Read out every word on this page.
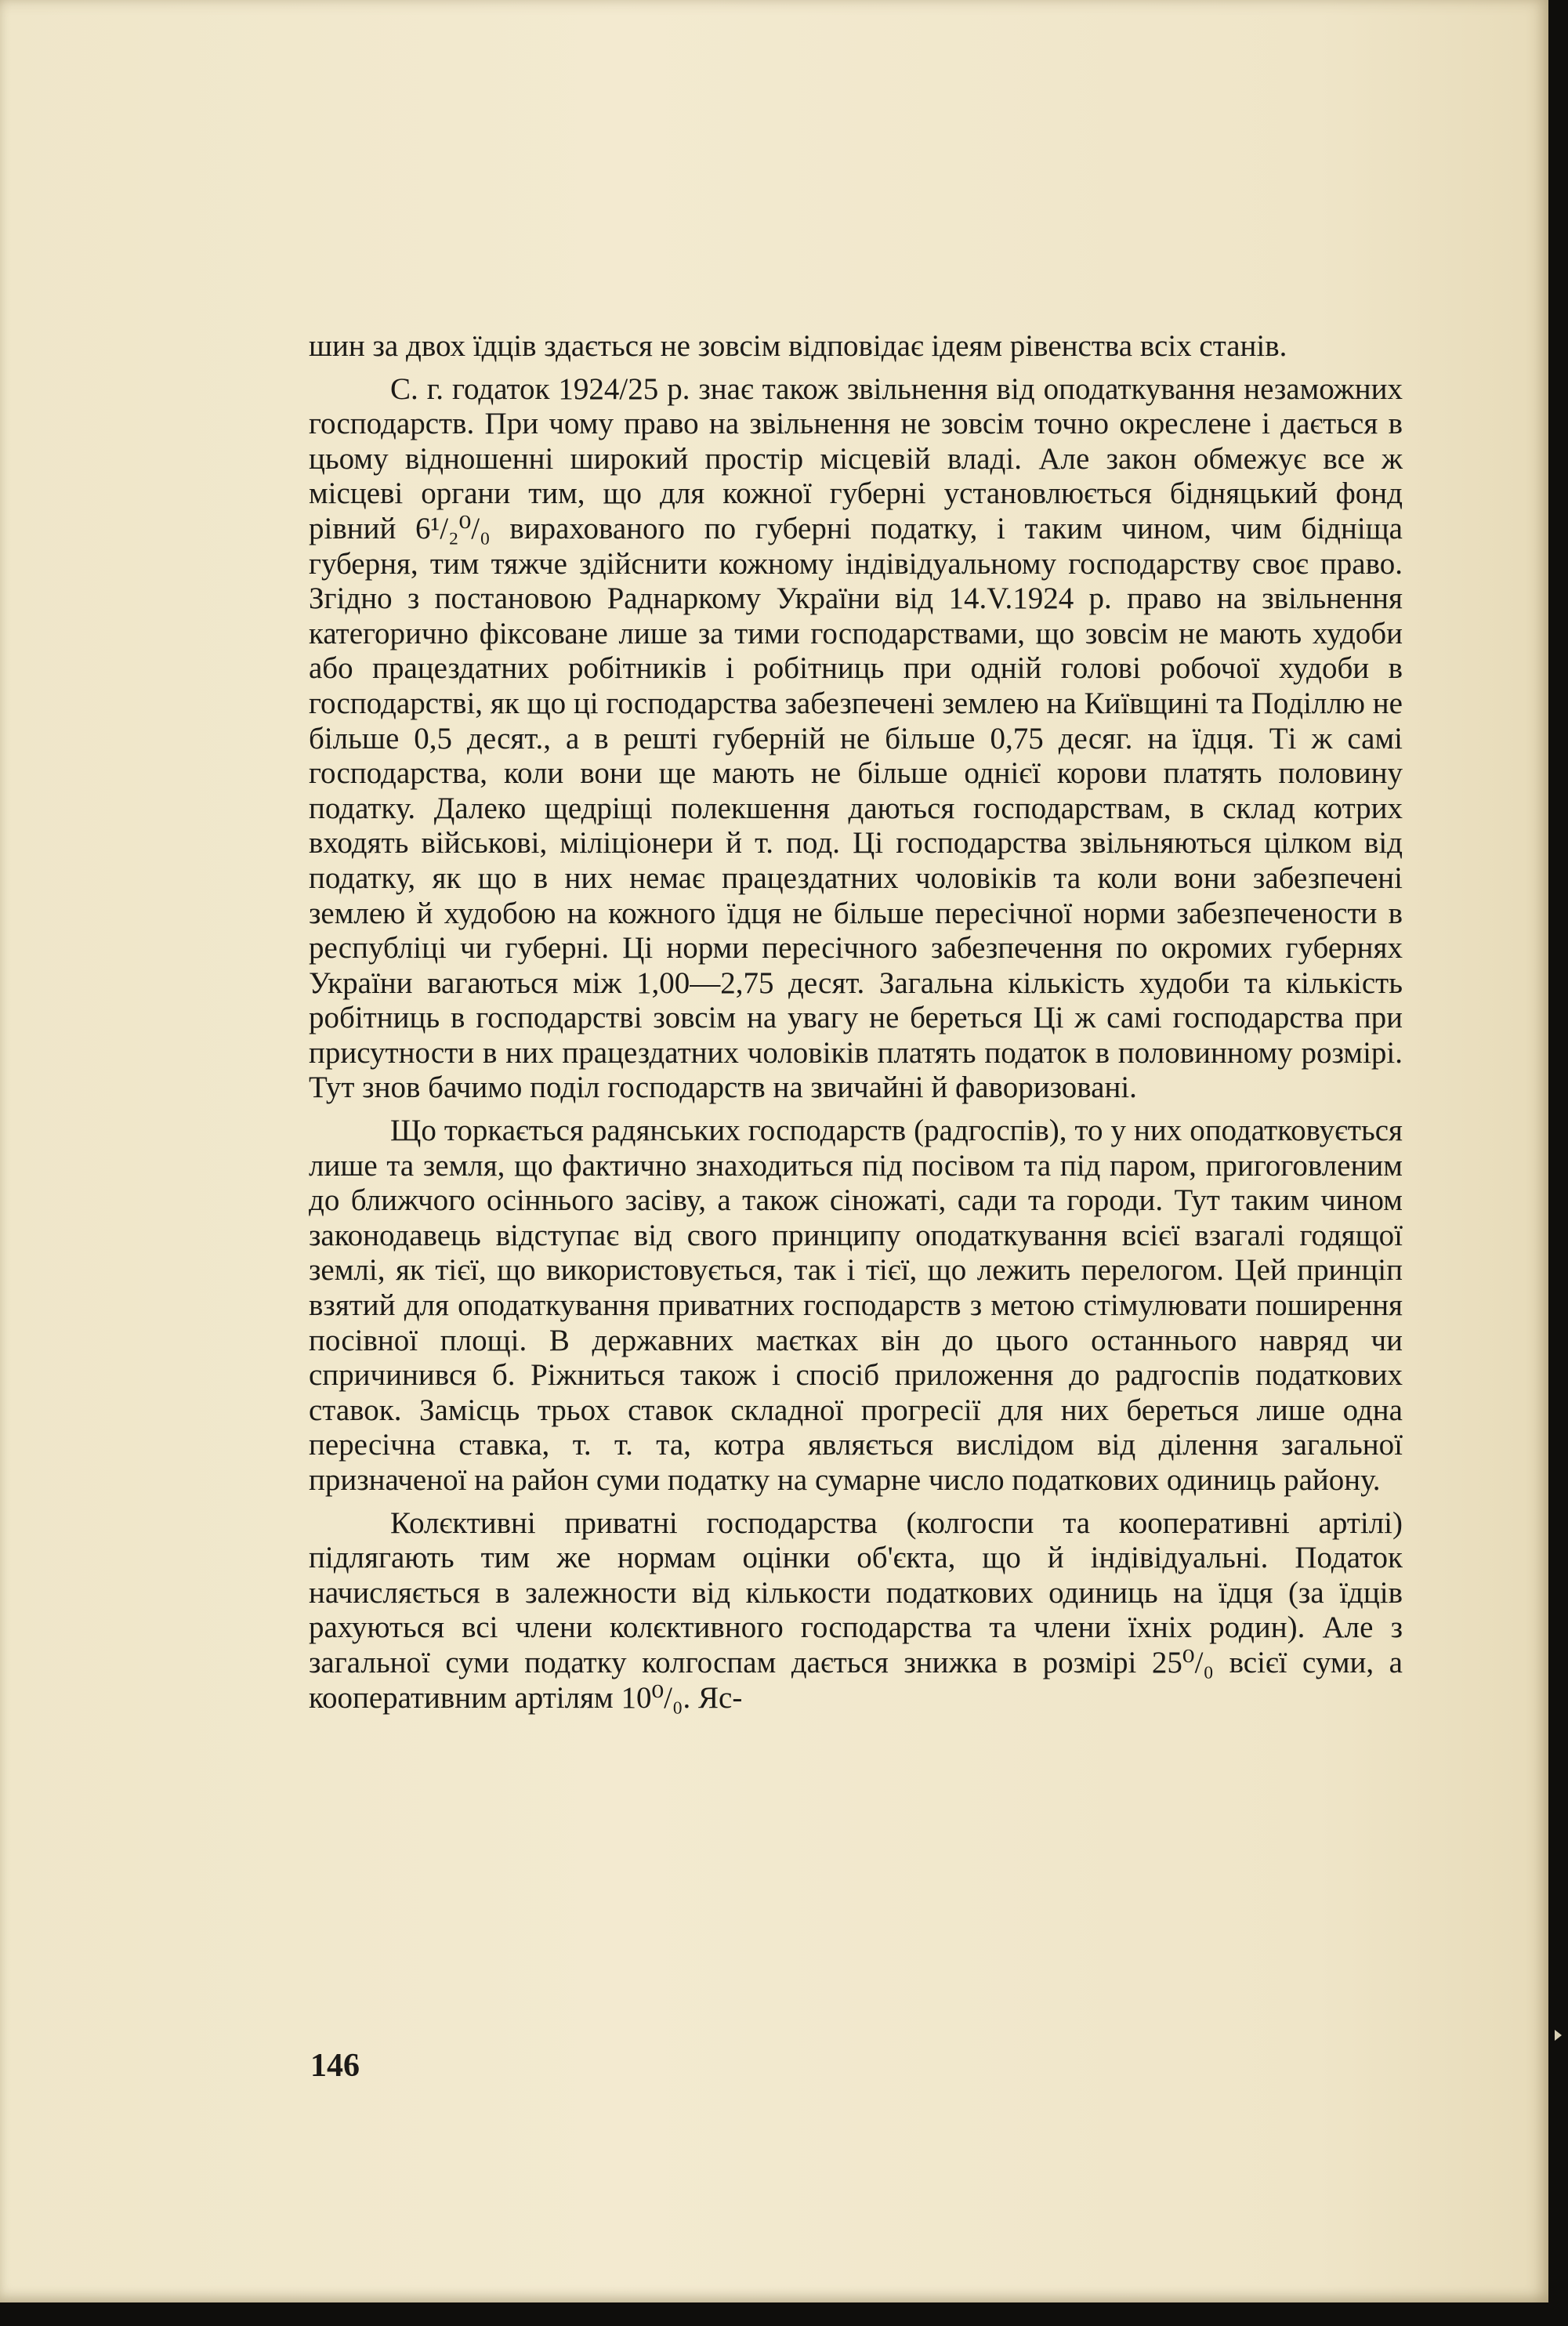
шин за двох їдців здається не зовсім відповідає ідеям рівенства всіх станів.

С. г. годаток 1924/25 р. знає також звільнення від оподаткування незаможних господарств. При чому право на звільнення не зовсім точно окреслене і дається в цьому відношенні широкий простір місцевій владі. Але закон обмежує все ж місцеві органи тим, що для кожної губерні установлюється бідняцький фонд рівний 6¹/₂⁰/₀ вирахованого по губерні податку, і таким чином, чим бідніща губерня, тим тяжче здійснити кожному індівідуальному господарству своє право. Згідно з постановою Раднаркому України від 14.V.1924 р. право на звільнення категорично фіксоване лише за тими господарствами, що зовсім не мають худоби або працездатних робітників і робітниць при одній голові робочої худоби в господарстві, як що ці господарства забезпечені землею на Київщині та Поділлю не більше 0,5 десят., а в решті губерній не більше 0,75 десяг. на їдця. Ті ж самі господарства, коли вони ще мають не більше однієї корови платять половину податку. Далеко щедріщі полекшення даються господарствам, в склад котрих входять військові, міліціонери й т. под. Ці господарства звільняються цілком від податку, як що в них немає працездатних чоловіків та коли вони забезпечені землею й худобою на кожного їдця не більше пересічної норми забезпечености в республіці чи губерні. Ці норми пересічного забезпечення по окромих губернях України вагаються між 1,00—2,75 десят. Загальна кількість худоби та кількість робітниць в господарстві зовсім на увагу не береться Ці ж самі господарства при присутности в них працездатних чоловіків платять податок в половинному розмірі. Тут знов бачимо поділ господарств на звичайні й фаворизовані.

Що торкається радянських господарств (радгоспів), то у них оподатковується лише та земля, що фактично знаходиться під посівом та під паром, пригоговленим до ближчого осіннього засіву, а також сіножаті, сади та городи. Тут таким чином законодавець відступає від свого принципу оподаткування всієї взагалі годящої землі, як тієї, що використовується, так і тієї, що лежить перелогом. Цей принціп взятий для оподаткування приватних господарств з метою стімулювати поширення посівної площі. В державних маєтках він до цього останнього навряд чи спричинився б. Ріжниться також і спосіб приложення до радгоспів податкових ставок. Замісць трьох ставок складної прогресії для них береться лише одна пересічна ставка, т. т. та, котра являється вислідом від ділення загальної призначеної на район суми податку на сумарне число податкових одиниць району.

Колєктивні приватні господарства (колгоспи та кооперативні артілі) підлягають тим же нормам оцінки об'єкта, що й індівідуальні. Податок начисляється в залежности від кількости податкових одиниць на їдця (за їдців рахуються всі члени колєктивного господарства та члени їхніх родин). Але з загальної суми податку колгоспам дається знижка в розмірі 25⁰/₀ всієї суми, а кооперативним артілям 10⁰/₀. Яс-

146
